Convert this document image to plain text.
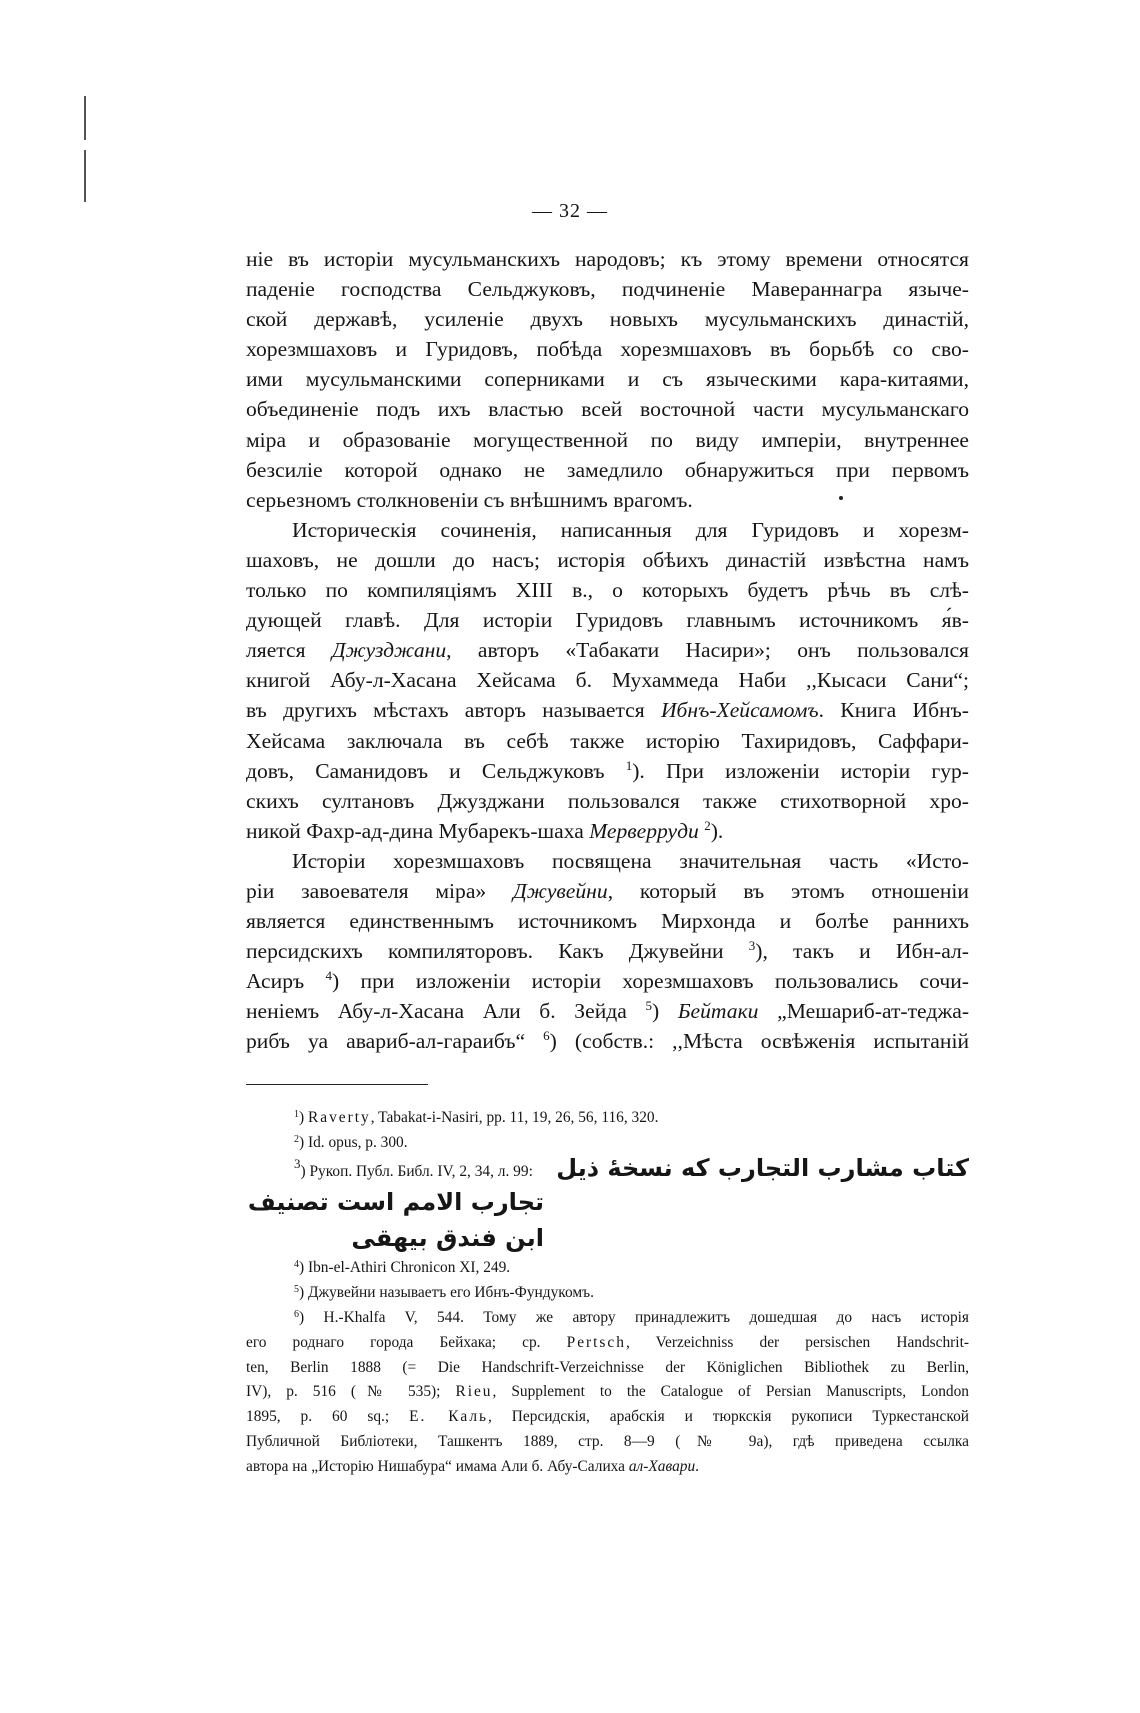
— 32 —

ніе въ исторіи мусульманскихъ народовъ; къ этому времени относятся

паденіе господства Сельджуковъ, подчиненіе Мавераннагра языче-

ской державѣ, усиленіе двухъ новыхъ мусульманскихъ династій,

хорезмшаховъ и Гуридовъ, побѣда хорезмшаховъ въ борьбѣ со сво-

ими мусульманскими соперниками и съ языческими кара-китаями,

объединеніе подъ ихъ властью всей восточной части мусульманскаго

міра и образованіе могущественной по виду имперіи, внутреннее

безсиліе которой однако не замедлило обнаружиться при первомъ

серьезномъ столкновеніи съ внѣшнимъ врагомъ.

Историческія сочиненія, написанныя для Гуридовъ и хорезм-

шаховъ, не дошли до насъ; исторія обѣихъ династій извѣстна намъ

только по компиляціямъ XIII в., о которыхъ будетъ рѣчь въ слѣ-

дующей главѣ. Для исторіи Гуридовъ главнымъ источникомъ я́в-

ляется Джузджани, авторъ «Табакати Насири»; онъ пользовался

книгой Абу-л-Хасана Хейсама б. Мухаммеда Наби ,,Кысаси Сани“;

въ другихъ мѣстахъ авторъ называется Ибнъ-Хейсамомъ. Книга Ибнъ-

Хейсама заключала въ себѣ также исторію Тахиридовъ, Саффари-

довъ, Саманидовъ и Сельджуковъ $^1$). При изложеніи исторіи гур-

скихъ султановъ Джузджани пользовался также стихотворной хро-

никой Фахр-ад-дина Мубарекъ-шаха Мерверруди $^2$).

Исторіи хорезмшаховъ посвящена значительная часть «Исто-

ріи завоевателя міра» Джувейни, который въ этомъ отношеніи

является единственнымъ источникомъ Мирхонда и болѣе раннихъ

персидскихъ компиляторовъ. Какъ Джувейни $^3$), такъ и Ибн-ал-

Асиръ $^4$) при изложеніи исторіи хорезмшаховъ пользовались сочи-

неніемъ Абу-л-Хасана Али б. Зейда $^5$) Бейтаки „Мешариб-ат-теджа-

рибъ уа авариб-ал-гараибъ“ $^6$) (собств.: ,,Мѣста освѣженія испытаній

$^1$) Raverty, Tabakat-i-Nasiri, pp. 11, 19, 26, 56, 116, 320.

$^2$) Id. opus, p. 300.

$^3$) Рукоп. Публ. Библ. IV, 2, 34, л. 99: كتاب مشارب التجارب كه نسخهٔ ذيل

تجارب الامم است تصنيف ابن فندق بيهقى

$^4$) Ibn-el-Athiri Chronicon XI, 249.

$^5$) Джувейни называетъ его Ибнъ-Фундукомъ.

$^6$) H.-Khalfa V, 544. Тому же автору принадлежитъ дошедшая до насъ исторія
его роднаго города Бейхака; ср. Pertsch, Verzeichniss der persischen Handschrit-
ten, Berlin 1888 (= Die Handschrift-Verzeichnisse der Königlichen Bibliothek zu Berlin,
IV), p. 516 (№ 535); Rieu, Supplement to the Catalogue of Persian Manuscripts, London
1895, p. 60 sq.; Е. Каль, Персидскія, арабскія и тюркскія рукописи Туркестанской
Публичной Библіотеки, Ташкентъ 1889, стр. 8—9 (№ 9а), гдѣ приведена ссылка
автора на „Исторію Нишабура“ имама Али б. Абу-Салиха ал-Хавари.
